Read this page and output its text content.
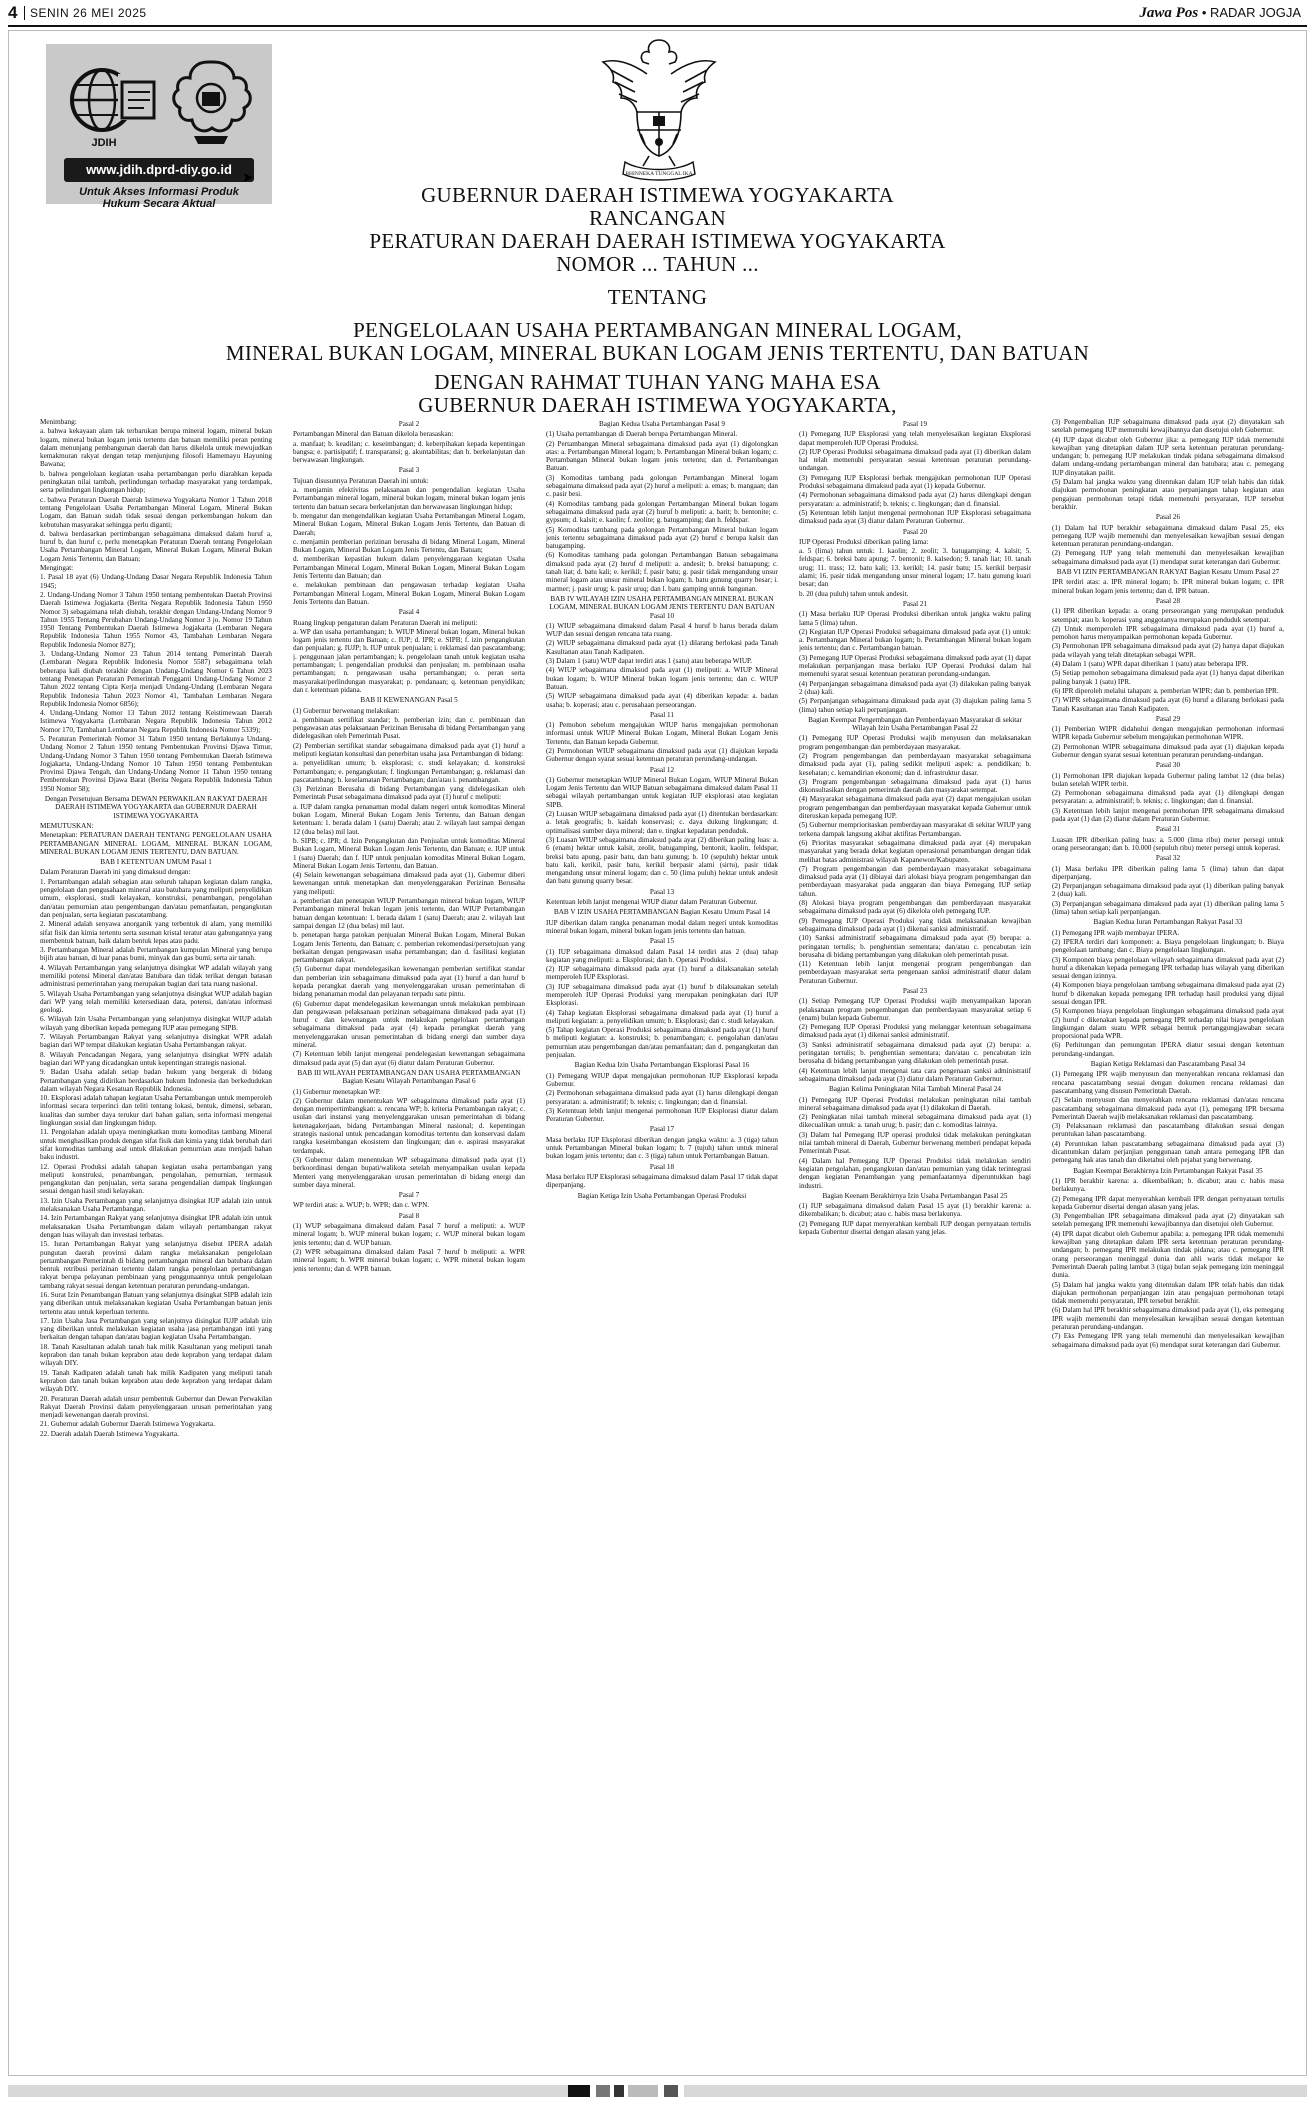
4 SENIN 26 MEI 2025	Jawa Pos • RADAR JOGJA
JDIH
www.jdih.dprd-diy.go.id
➤
Untuk Akses Informasi Produk Hukum Secara Aktual
BHINNEKA TUNGGAL IKA
GUBERNUR DAERAH ISTIMEWA YOGYAKARTA
RANCANGAN
PERATURAN DAERAH DAERAH ISTIMEWA YOGYAKARTA
NOMOR ... TAHUN ...
TENTANG
PENGELOLAAN USAHA PERTAMBANGAN MINERAL LOGAM,
MINERAL BUKAN LOGAM, MINERAL BUKAN LOGAM JENIS TERTENTU, DAN BATUAN
DENGAN RAHMAT TUHAN YANG MAHA ESA
GUBERNUR DAERAH ISTIMEWA YOGYAKARTA,

Menimbang:

a. bahwa kekayaan alam tak terbarukan berupa mineral logam, mineral bukan logam, mineral bukan logam jenis tertentu dan batuan memiliki peran penting dalam menunjang pembangunan daerah dan harus dikelola untuk mewujudkan kemakmuran rakyat dengan tetap menjunjung filosofi Hamemayu Hayuning Bawana;

b. bahwa pengelolaan kegiatan usaha pertambangan perlu diarahkan kepada peningkatan nilai tambah, perlindungan terhadap masyarakat yang terdampak, serta pelindungan lingkungan hidup;

c. bahwa Peraturan Daerah Daerah Istimewa Yogyakarta Nomor 1 Tahun 2018 tentang Pengelolaan Usaha Pertambangan Mineral Logam, Mineral Bukan Logam, dan Batuan sudah tidak sesuai dengan perkembangan hukum dan kebutuhan masyarakat sehingga perlu diganti;

d. bahwa berdasarkan pertimbangan sebagaimana dimaksud dalam huruf a, huruf b, dan huruf c, perlu menetapkan Peraturan Daerah tentang Pengelolaan Usaha Pertambangan Mineral Logam, Mineral Bukan Logam, Mineral Bukan Logam Jenis Tertentu, dan Batuan;

Mengingat:

1. Pasal 18 ayat (6) Undang-Undang Dasar Negara Republik Indonesia Tahun 1945;

2. Undang-Undang Nomor 3 Tahun 1950 tentang pembentukan Daerah Provinsi Daerah Istimewa Jogjakarta (Berita Negara Republik Indonesia Tahun 1950 Nomor 3) sebagaimana telah diubah, terakhir dengan Undang-Undang Nomor 9 Tahun 1955 Tentang Perubahan Undang-Undang Nomor 3 jo. Nomor 19 Tahun 1950 Tentang Pembentukan Daerah Istimewa Jogjakarta (Lembaran Negara Republik Indonesia Tahun 1955 Nomor 43, Tambahan Lembaran Negara Republik Indonesia Nomor 827);

3. Undang-Undang Nomor 23 Tahun 2014 tentang Pemerintah Daerah (Lembaran Negara Republik Indonesia Nomor 5587) sebagaimana telah beberapa kali diubah terakhir dengan Undang-Undang Nomor 6 Tahun 2023 tentang Penetapan Peraturan Pemerintah Pengganti Undang-Undang Nomor 2 Tahun 2022 tentang Cipta Kerja menjadi Undang-Undang (Lembaran Negara Republik Indonesia Tahun 2023 Nomor 41, Tambahan Lembaran Negara Republik Indonesia Nomor 6856);

4. Undang-Undang Nomor 13 Tahun 2012 tentang Keistimewaan Daerah Istimewa Yogyakarta (Lembaran Negara Republik Indonesia Tahun 2012 Nomor 170, Tambahan Lembaran Negara Republik Indonesia Nomor 5339);

5. Peraturan Pemerintah Nomor 31 Tahun 1950 tentang Berlakunya Undang-Undang Nomor 2 Tahun 1950 tentang Pembentukan Provinsi Djawa Timur, Undang-Undang Nomor 3 Tahun 1950 tentang Pembentukan Daerah Istimewa Jogjakarta, Undang-Undang Nomor 10 Tahun 1950 tentang Pembentukan Provinsi Djawa Tengah, dan Undang-Undang Nomor 11 Tahun 1950 tentang Pembentukan Provinsi Djawa Barat (Berita Negara Republik Indonesia Tahun 1950 Nomor 58);

Dengan Persetujuan Bersama DEWAN PERWAKILAN RAKYAT DAERAH DAERAH ISTIMEWA YOGYAKARTA dan GUBERNUR DAERAH ISTIMEWA YOGYAKARTA

MEMUTUSKAN:

Menetapkan: PERATURAN DAERAH TENTANG PENGELOLAAN USAHA PERTAMBANGAN MINERAL LOGAM, MINERAL BUKAN LOGAM, MINERAL BUKAN LOGAM JENIS TERTENTU, DAN BATUAN.

BAB I KETENTUAN UMUM Pasal 1

Dalam Peraturan Daerah ini yang dimaksud dengan:

1. Pertambangan adalah sebagian atau seluruh tahapan kegiatan dalam rangka, pengelolaan dan pengusahaan mineral atau batubara yang meliputi penyelidikan umum, eksplorasi, studi kelayakan, konstruksi, penambangan, pengolahan dan/atau pemurnian atau pengembangan dan/atau pemanfaatan, pengangkutan dan penjualan, serta kegiatan pascatambang.

2. Mineral adalah senyawa anorganik yang terbentuk di alam, yang memiliki sifat fisik dan kimia tertentu serta susunan kristal teratur atau gabungannya yang membentuk batuan, baik dalam bentuk lepas atau padu.

3. Pertambangan Mineral adalah Pertambangan kumpulan Mineral yang berupa bijih atau batuan, di luar panas bumi, minyak dan gas bumi, serta air tanah.

4. Wilayah Pertambangan yang selanjutnya disingkat WP adalah wilayah yang memiliki potensi Mineral dan/atau Batubara dan tidak terikat dengan batasan administrasi pemerintahan yang merupakan bagian dari tata ruang nasional.

5. Wilayah Usaha Pertambangan yang selanjutnya disingkat WUP adalah bagian dari WP yang telah memiliki ketersediaan data, potensi, dan/atau informasi geologi.

6. Wilayah Izin Usaha Pertambangan yang selanjutnya disingkat WIUP adalah wilayah yang diberikan kepada pemegang IUP atau pemegang SIPB.

7. Wilayah Pertambangan Rakyat yang selanjutnya disingkat WPR adalah bagian dari WP tempat dilakukan kegiatan Usaha Pertambangan rakyat.

8. Wilayah Pencadangan Negara, yang selanjutnya disingkat WPN adalah bagian dari WP yang dicadangkan untuk kepentingan strategis nasional.

9. Badan Usaha adalah setiap badan hukum yang bergerak di bidang Pertambangan yang didirikan berdasarkan hukum Indonesia dan berkedudukan dalam wilayah Negara Kesatuan Republik Indonesia.

10. Eksplorasi adalah tahapan kegiatan Usaha Pertambangan untuk memperoleh informasi secara terperinci dan teliti tentang lokasi, bentuk, dimensi, sebaran, kualitas dan sumber daya terukur dari bahan galian, serta informasi mengenai lingkungan sosial dan lingkungan hidup.

11. Pengolahan adalah upaya meningkatkan mutu komoditas tambang Mineral untuk menghasilkan produk dengan sifat fisik dan kimia yang tidak berubah dari sifat komoditas tambang asal untuk dilakukan pemurnian atau menjadi bahan baku industri.

12. Operasi Produksi adalah tahapan kegiatan usaha pertambangan yang meliputi konstruksi, penambangan, pengolahan, pemurnian, termasuk pengangkutan dan penjualan, serta sarana pengendalian dampak lingkungan sesuai dengan hasil studi kelayakan.

13. Izin Usaha Pertambangan yang selanjutnya disingkat IUP adalah izin untuk melaksanakan Usaha Pertambangan.

14. Izin Pertambangan Rakyat yang selanjutnya disingkat IPR adalah izin untuk melaksanakan Usaha Pertambangan dalam wilayah pertambangan rakyat dengan luas wilayah dan investasi terbatas.

15. Iuran Pertambangan Rakyat yang selanjutnya disebut IPERA adalah pungutan daerah provinsi dalam rangka melaksanakan pengelolaan pertambangan Pemerintah di bidang pertambangan mineral dan batubara dalam bentuk retribusi perizinan tertentu dalam rangka pengelolaan pertambangan rakyat berupa pelayanan pembinaan yang penggunaannya untuk pengelolaan tambang rakyat sesuai dengan ketentuan peraturan perundang-undangan.

16. Surat Izin Penambangan Batuan yang selanjutnya disingkat SIPB adalah izin yang diberikan untuk melaksanakan kegiatan Usaha Pertambangan batuan jenis tertentu atau untuk keperluan tertentu.

17. Izin Usaha Jasa Pertambangan yang selanjutnya disingkat IUJP adalah izin yang diberikan untuk melakukan kegiatan usaha jasa pertambangan inti yang berkaitan dengan tahapan dan/atau bagian kegiatan Usaha Pertambangan.

18. Tanah Kasultanan adalah tanah hak milik Kasultanan yang meliputi tanah keprabon dan tanah bukan keprabon atau dede keprabon yang terdapat dalam wilayah DIY.

19. Tanah Kadipaten adalah tanah hak milik Kadipaten yang meliputi tanah keprabon dan tanah bukan keprabon atau dede keprabon yang terdapat dalam wilayah DIY.

20. Peraturan Daerah adalah unsur pembentuk Gubernur dan Dewan Perwakilan Rakyat Daerah Provinsi dalam penyelenggaraan urusan pemerintahan yang menjadi kewenangan daerah provinsi.

21. Gubernur adalah Gubernur Daerah Istimewa Yogyakarta.

22. Daerah adalah Daerah Istimewa Yogyakarta.

Pasal 2

Pertambangan Mineral dan Batuan dikelola berasaskan:

a. manfaat; b. keadilan; c. keseimbangan; d. keberpihakan kepada kepentingan bangsa; e. partisipatif; f. transparansi; g. akuntabilitas; dan h. berkelanjutan dan berwawasan lingkungan.

Pasal 3

Tujuan disusunnya Peraturan Daerah ini untuk:

a. menjamin efektivitas pelaksanaan dan pengendalian kegiatan Usaha Pertambangan mineral logam, mineral bukan logam, mineral bukan logam jenis tertentu dan batuan secara berkelanjutan dan berwawasan lingkungan hidup;

b. mengatur dan mengendalikan kegiatan Usaha Pertambangan Mineral Logam, Mineral Bukan Logam, Mineral Bukan Logam Jenis Tertentu, dan Batuan di Daerah;

c. menjamin pemberian perizinan berusaha di bidang Mineral Logam, Mineral Bukan Logam, Mineral Bukan Logam Jenis Tertentu, dan Batuan;

d. memberikan kepastian hukum dalam penyelenggaraan kegiatan Usaha Pertambangan Mineral Logam, Mineral Bukan Logam, Mineral Bukan Logam Jenis Tertentu dan Batuan; dan

e. melakukan pembinaan dan pengawasan terhadap kegiatan Usaha Pertambangan Mineral Logam, Mineral Bukan Logam, Mineral Bukan Logam Jenis Tertentu dan Batuan.

Pasal 4

Ruang lingkup pengaturan dalam Peraturan Daerah ini meliputi:

a. WP dan usaha pertambangan; b. WIUP Mineral bukan logam, Mineral bukan logam jenis tertentu dan Batuan; c. IUP; d. IPR; e. SIPB; f. izin pengangkutan dan penjualan; g. IUJP; h. IUP untuk penjualan; i. reklamasi dan pascatambang; j. penggunaan jalan pertambangan; k. pengelolaan tanah untuk kegiatan usaha pertambangan; l. pengendalian produksi dan penjualan; m. pembinaan usaha pertambangan; n. pengawasan usaha pertambangan; o. peran serta masyarakat/perlindungan masyarakat; p. pendanaan; q. ketentuan penyidikan; dan r. ketentuan pidana.

BAB II KEWENANGAN Pasal 5

(1) Gubernur berwenang melakukan:

a. pembinaan sertifikat standar; b. pemberian izin; dan c. pembinaan dan pengawasan atas pelaksanaan Perizinan Berusaha di bidang Pertambangan yang didelegasikan oleh Pemerintah Pusat.

(2) Pemberian sertifikat standar sebagaimana dimaksud pada ayat (1) huruf a meliputi kegiatan konsultasi dan penerbitan usaha jasa Pertambangan di bidang:

a. penyelidikan umum; b. eksplorasi; c. studi kelayakan; d. konstruksi Pertambangan; e. pengangkutan; f. lingkungan Pertambangan; g. reklamasi dan pascatambang; h. keselamatan Pertambangan; dan/atau i. penambangan.

(3) Perizinan Berusaha di bidang Pertambangan yang didelegasikan oleh Pemerintah Pusat sebagaimana dimaksud pada ayat (1) huruf c meliputi:

a. IUP dalam rangka penanaman modal dalam negeri untuk komoditas Mineral bukan Logam, Mineral Bukan Logam Jenis Tertentu, dan Batuan dengan ketentuan: 1. berada dalam 1 (satu) Daerah; atau 2. wilayah laut sampai dengan 12 (dua belas) mil laut.

b. SIPB; c. IPR; d. Izin Pengangkutan dan Penjualan untuk komoditas Mineral Bukan Logam, Mineral Bukan Logam Jenis Tertentu, dan Batuan; e. IUP untuk 1 (satu) Daerah; dan f. IUP untuk penjualan komoditas Mineral Bukan Logam, Mineral Bukan Logam Jenis Tertentu, dan Batuan.

(4) Selain kewenangan sebagaimana dimaksud pada ayat (1), Gubernur diberi kewenangan untuk menetapkan dan menyelenggarakan Perizinan Berusaha yang meliputi:

a. pemberian dan penetapan WIUP Pertambangan mineral bukan logam, WIUP Pertambangan mineral bukan logam jenis tertentu, dan WIUP Pertambangan batuan dengan ketentuan: 1. berada dalam 1 (satu) Daerah; atau 2. wilayah laut sampai dengan 12 (dua belas) mil laut.

b. penetapan harga patokan penjualan Mineral Bukan Logam, Mineral Bukan Logam Jenis Tertentu, dan Batuan; c. pemberian rekomendasi/persetujuan yang berkaitan dengan pengawasan usaha pertambangan; dan d. fasilitasi kegiatan pertambangan rakyat.

(5) Gubernur dapat mendelegasikan kewenangan pemberian sertifikat standar dan pemberian izin sebagaimana dimaksud pada ayat (1) huruf a dan huruf b kepada perangkat daerah yang menyelenggarakan urusan pemerintahan di bidang penanaman modal dan pelayanan terpadu satu pintu.

(6) Gubernur dapat mendelegasikan kewenangan untuk melakukan pembinaan dan pengawasan pelaksanaan perizinan sebagaimana dimaksud pada ayat (1) huruf c dan kewenangan untuk melakukan pengelolaan pertambangan sebagaimana dimaksud pada ayat (4) kepada perangkat daerah yang menyelenggarakan urusan pemerintahan di bidang energi dan sumber daya mineral.

(7) Ketentuan lebih lanjut mengenai pendelegasian kewenangan sebagaimana dimaksud pada ayat (5) dan ayat (6) diatur dalam Peraturan Gubernur.

BAB III WILAYAH PERTAMBANGAN DAN USAHA PERTAMBANGAN Bagian Kesatu Wilayah Pertambangan Pasal 6

(1) Gubernur menetapkan WP.

(2) Gubernur dalam menentukan WP sebagaimana dimaksud pada ayat (1) dengan mempertimbangkan: a. rencana WP; b. kriteria Pertambangan rakyat; c. usulan dari instansi yang menyelenggarakan urusan pemerintahan di bidang ketenagakerjaan, bidang Pertambangan Mineral nasional; d. kepentingan strategis nasional untuk pencadangan komoditas tertentu dan konservasi dalam rangka keseimbangan ekosistem dan lingkungan; dan e. aspirasi masyarakat terdampak.

(3) Gubernur dalam menentukan WP sebagaimana dimaksud pada ayat (1) berkoordinasi dengan bupati/walikota setelah menyampaikan usulan kepada Menteri yang menyelenggarakan urusan pemerintahan di bidang energi dan sumber daya mineral.

Pasal 7

WP terdiri atas: a. WUP; b. WPR; dan c. WPN.

Pasal 8

(1) WUP sebagaimana dimaksud dalam Pasal 7 huruf a meliputi: a. WUP mineral logam; b. WUP mineral bukan logam; c. WUP mineral bukan logam jenis tertentu; dan d. WUP batuan.

(2) WPR sebagaimana dimaksud dalam Pasal 7 huruf b meliputi: a. WPR mineral logam; b. WPR mineral bukan logam; c. WPR mineral bukan logam jenis tertentu; dan d. WPR batuan.

Bagian Kedua Usaha Pertambangan Pasal 9

(1) Usaha pertambangan di Daerah berupa Pertambangan Mineral.

(2) Pertambangan Mineral sebagaimana dimaksud pada ayat (1) digolongkan atas: a. Pertambangan Mineral logam; b. Pertambangan Mineral bukan logam; c. Pertambangan Mineral bukan logam jenis tertentu; dan d. Pertambangan Batuan.

(3) Komoditas tambang pada golongan Pertambangan Mineral logam sebagaimana dimaksud pada ayat (2) huruf a meliputi: a. emas; b. mangaan; dan c. pasir besi.

(4) Komoditas tambang pada golongan Pertambangan Mineral bukan logam sebagaimana dimaksud pada ayat (2) huruf b meliputi: a. barit; b. bentonite; c. gypsum; d. kalsit; e. kaolin; f. zeolite; g. batugamping; dan h. feldspar.

(5) Komoditas tambang pada golongan Pertambangan Mineral bukan logam jenis tertentu sebagaimana dimaksud pada ayat (2) huruf c berupa kalsit dan batugamping.

(6) Komoditas tambang pada golongan Pertambangan Batuan sebagaimana dimaksud pada ayat (2) huruf d meliputi: a. andesit; b. breksi batuapung; c. tanah liat; d. batu kali; e. kerikil; f. pasir batu; g. pasir tidak mengandung unsur mineral logam atau unsur mineral bukan logam; h. batu gunung quarry besar; i. marmer; j. pasir urug; k. pasir uruq; dan l. batu gamping untuk bangunan.

BAB IV WILAYAH IZIN USAHA PERTAMBANGAN MINERAL BUKAN LOGAM, MINERAL BUKAN LOGAM JENIS TERTENTU DAN BATUAN Pasal 10

(1) WIUP sebagaimana dimaksud dalam Pasal 4 huruf b harus berada dalam WUP dan sesuai dengan rencana tata ruang.

(2) WIUP sebagaimana dimaksud pada ayat (1) dilarang berlokasi pada Tanah Kasultanan atau Tanah Kadipaten.

(3) Dalam 1 (satu) WUP dapat terdiri atas 1 (satu) atau beberapa WIUP.

(4) WIUP sebagaimana dimaksud pada ayat (1) meliputi: a. WIUP Mineral bukan logam; b. WIUP Mineral bukan logam jenis tertentu; dan c. WIUP Batuan.

(5) WIUP sebagaimana dimaksud pada ayat (4) diberikan kepada: a. badan usaha; b. koperasi; atau c. perusahaan perseorangan.

Pasal 11

(1) Pemohon sebelum mengajukan WIUP harus mengajukan permohonan informasi untuk WIUP Mineral Bukan Logam, Mineral Bukan Logam Jenis Tertentu, dan Batuan kepada Gubernur.

(2) Permohonan WIUP sebagaimana dimaksud pada ayat (1) diajukan kepada Gubernur dengan syarat sesuai ketentuan peraturan perundang-undangan.

Pasal 12

(1) Gubernur menetapkan WIUP Mineral Bukan Logam, WIUP Mineral Bukan Logam Jenis Tertentu dan WIUP Batuan sebagaimana dimaksud dalam Pasal 11 sebagai wilayah pertambangan untuk kegiatan IUP eksplorasi atau kegiatan SIPB.

(2) Luasan WIUP sebagaimana dimaksud pada ayat (1) ditentukan berdasarkan: a. letak geografis; b. kaidah konservasi; c. daya dukung lingkungan; d. optimalisasi sumber daya mineral; dan e. tingkat kepadatan penduduk.

(3) Luasan WIUP sebagaimana dimaksud pada ayat (2) diberikan paling luas: a. 6 (enam) hektar untuk kalsit, zeolit, batugamping, bentonit, kaolin, feldspar, breksi batu apung, pasir batu, dan batu gunung; b. 10 (sepuluh) hektar untuk batu kali, kerikil, pasir batu, kerikil berpasir alami (sirtu), pasir tidak mengandung unsur mineral logam; dan c. 50 (lima puluh) hektar untuk andesit dan batu gunung quarry besar.

Pasal 13

Ketentuan lebih lanjut mengenai WIUP diatur dalam Peraturan Gubernur.

BAB V IZIN USAHA PERTAMBANGAN Bagian Kesatu Umum Pasal 14

IUP diberikan dalam rangka penanaman modal dalam negeri untuk komoditas mineral bukan logam, mineral bukan logam jenis tertentu dan batuan.

Pasal 15

(1) IUP sebagaimana dimaksud dalam Pasal 14 terdiri atas 2 (dua) tahap kegiatan yang meliputi: a. Eksplorasi; dan b. Operasi Produksi.

(2) IUP sebagaimana dimaksud pada ayat (1) huruf a dilaksanakan setelah memperoleh IUP Eksplorasi.

(3) IUP sebagaimana dimaksud pada ayat (1) huruf b dilaksanakan setelah memperoleh IUP Operasi Produksi yang merupakan peningkatan dari IUP Eksplorasi.

(4) Tahap kegiatan Eksplorasi sebagaimana dimaksud pada ayat (1) huruf a meliputi kegiatan: a. penyelidikan umum; b. Eksplorasi; dan c. studi kelayakan.

(5) Tahap kegiatan Operasi Produksi sebagaimana dimaksud pada ayat (1) huruf b meliputi kegiatan: a. konstruksi; b. penambangan; c. pengolahan dan/atau pemurnian atau pengembangan dan/atau pemanfaatan; dan d. pengangkutan dan penjualan.

Bagian Kedua Izin Usaha Pertambangan Eksplorasi Pasal 16

(1) Pemegang WIUP dapat mengajukan permohonan IUP Eksplorasi kepada Gubernur.

(2) Permohonan sebagaimana dimaksud pada ayat (1) harus dilengkapi dengan persyaratan: a. administratif; b. teknis; c. lingkungan; dan d. finansial.

(3) Ketentuan lebih lanjut mengenai permohonan IUP Eksplorasi diatur dalam Peraturan Gubernur.

Pasal 17

Masa berlaku IUP Eksplorasi diberikan dengan jangka waktu: a. 3 (tiga) tahun untuk Pertambangan Mineral bukan logam; b. 7 (tujuh) tahun untuk mineral bukan logam jenis tertentu; dan c. 3 (tiga) tahun untuk Pertambangan Batuan.

Pasal 18

Masa berlaku IUP Eksplorasi sebagaimana dimaksud dalam Pasal 17 tidak dapat diperpanjang.

Bagian Ketiga Izin Usaha Pertambangan Operasi Produksi
Pasal 19

(1) Pemegang IUP Eksplorasi yang telah menyelesaikan kegiatan Eksplorasi dapat memperoleh IUP Operasi Produksi.

(2) IUP Operasi Produksi sebagaimana dimaksud pada ayat (1) diberikan dalam hal telah memenuhi persyaratan sesuai ketentuan peraturan perundang-undangan.

(3) Pemegang IUP Eksplorasi berhak mengajukan permohonan IUP Operasi Produksi sebagaimana dimaksud pada ayat (1) kepada Gubernur.

(4) Permohonan sebagaimana dimaksud pada ayat (2) harus dilengkapi dengan persyaratan: a. administratif; b. teknis; c. lingkungan; dan d. finansial.

(5) Ketentuan lebih lanjut mengenai permohonan IUP Eksplorasi sebagaimana dimaksud pada ayat (3) diatur dalam Peraturan Gubernur.

Pasal 20

IUP Operasi Produksi diberikan paling lama:

a. 5 (lima) tahun untuk: 1. kaolin; 2. zeolit; 3. batugamping; 4. kalsit; 5. feldspar; 6. breksi batu apung; 7. bentonit; 8. kalsedon; 9. tanah liat; 10. tanah urug; 11. trass; 12. batu kali; 13. kerikil; 14. pasir batu; 15. kerikil berpasir alami; 16. pasir tidak mengandung unsur mineral logam; 17. batu gunung kuari besar; dan

b. 20 (dua puluh) tahun untuk andesit.

Pasal 21

(1) Masa berlaku IUP Operasi Produksi diberikan untuk jangka waktu paling lama 5 (lima) tahun.

(2) Kegiatan IUP Operasi Produksi sebagaimana dimaksud pada ayat (1) untuk: a. Pertambangan Mineral bukan logam; b. Pertambangan Mineral bukan logam jenis tertentu; dan c. Pertambangan batuan.

(3) Pemegang IUP Operasi Produksi sebagaimana dimaksud pada ayat (1) dapat melakukan perpanjangan masa berlaku IUP Operasi Produksi dalam hal memenuhi syarat sesuai ketentuan peraturan perundang-undangan.

(4) Perpanjangan sebagaimana dimaksud pada ayat (3) dilakukan paling banyak 2 (dua) kali.

(5) Perpanjangan sebagaimana dimaksud pada ayat (3) diajukan paling lama 5 (lima) tahun setiap kali perpanjangan.

Bagian Keempat Pengembangan dan Pemberdayaan Masyarakat di sekitar Wilayah Izin Usaha Pertambangan Pasal 22

(1) Pemegang IUP Operasi Produksi wajib menyusun dan melaksanakan program pengembangan dan pemberdayaan masyarakat.

(2) Program pengembangan dan pemberdayaan masyarakat sebagaimana dimaksud pada ayat (1), paling sedikit meliputi aspek: a. pendidikan; b. kesehatan; c. kemandirian ekonomi; dan d. infrastruktur dasar.

(3) Program pengembangan sebagaimana dimaksud pada ayat (1) harus dikonsultasikan dengan pemerintah daerah dan masyarakat setempat.

(4) Masyarakat sebagaimana dimaksud pada ayat (2) dapat mengajukan usulan program pengembangan dan pemberdayaan masyarakat kepada Gubernur untuk diteruskan kepada pemegang IUP.

(5) Gubernur memprioritaskan pemberdayaan masyarakat di sekitar WIUP yang terkena dampak langsung akibat aktifitas Pertambangan.

(6) Prioritas masyarakat sebagaimana dimaksud pada ayat (4) merupakan masyarakat yang berada dekat kegiatan operasional penambangan dengan tidak melihat batas administrasi wilayah Kapanewon/Kabupaten.

(7) Program pengembangan dan pemberdayaan masyarakat sebagaimana dimaksud pada ayat (1) dibiayai dari alokasi biaya program pengembangan dan pemberdayaan masyarakat pada anggaran dan biaya Pemegang IUP setiap tahun.

(8) Alokasi biaya program pengembangan dan pemberdayaan masyarakat sebagaimana dimaksud pada ayat (6) dikelola oleh pemegang IUP.

(9) Pemegang IUP Operasi Produksi yang tidak melaksanakan kewajiban sebagaimana dimaksud pada ayat (1) dikenai sanksi administratif.

(10) Sanksi administratif sebagaimana dimaksud pada ayat (9) berupa: a. peringatan tertulis; b. penghentian sementara; dan/atau c. pencabutan izin berusaha di bidang pertambangan yang dilakukan oleh pemerintah pusat.

(11) Ketentuan lebih lanjut mengenai program pengembangan dan pemberdayaan masyarakat serta pengenaan sanksi administratif diatur dalam Peraturan Gubernur.

Pasal 23

(1) Setiap Pemegang IUP Operasi Produksi wajib menyampaikan laporan pelaksanaan program pengembangan dan pemberdayaan masyarakat setiap 6 (enam) bulan kepada Gubernur.

(2) Pemegang IUP Operasi Produksi yang melanggar ketentuan sebagaimana dimaksud pada ayat (1) dikenai sanksi administratif.

(3) Sanksi administratif sebagaimana dimaksud pada ayat (2) berupa: a. peringatan tertulis; b. penghentian sementara; dan/atau c. pencabutan izin berusaha di bidang pertambangan yang dilakukan oleh pemerintah pusat.

(4) Ketentuan lebih lanjut mengenai tata cara pengenaan sanksi administratif sebagaimana dimaksud pada ayat (3) diatur dalam Peraturan Gubernur.

Bagian Kelima Peningkatan Nilai Tambah Mineral Pasal 24

(1) Pemegang IUP Operasi Produksi melakukan peningkatan nilai tambah mineral sebagaimana dimaksud pada ayat (1) dilakukan di Daerah.

(2) Peningkatan nilai tambah mineral sebagaimana dimaksud pada ayat (1) dikecualikan untuk: a. tanah urug; b. pasir; dan c. komoditas lainnya.

(3) Dalam hal Pemegang IUP operasi produksi tidak melakukan peningkatan nilai tambah mineral di Daerah, Gubernur berwenang memberi pendapat kepada Pemerintah Pusat.

(4) Dalam hal Pemegang IUP Operasi Produksi tidak melakukan sendiri kegiatan pengolahan, pengangkutan dan/atau pemurnian yang tidak terintegrasi dengan kegiatan Penambangan yang pemanfaatannya diperuntukkan bagi industri.

Bagian Keenam Berakhirnya Izin Usaha Pertambangan Pasal 25

(1) IUP sebagaimana dimaksud dalam Pasal 15 ayat (1) berakhir karena: a. dikembalikan; b. dicabut; atau c. habis masa berlakunya.

(2) Pemegang IUP dapat menyerahkan kembali IUP dengan pernyataan tertulis kepada Gubernur disertai dengan alasan yang jelas.

(3) Pengembalian IUP sebagaimana dimaksud pada ayat (2) dinyatakan sah setelah pemegang IUP memenuhi kewajibannya dan disetujui oleh Gubernur.

(4) IUP dapat dicabut oleh Gubernur jika: a. pemegang IUP tidak memenuhi kewajiban yang ditetapkan dalam IUP serta ketentuan peraturan perundang-undangan; b. pemegang IUP melakukan tindak pidana sebagaimana dimaksud dalam undang-undang pertambangan mineral dan batubara; atau c. pemegang IUP dinyatakan pailit.

(5) Dalam hal jangka waktu yang ditentukan dalam IUP telah habis dan tidak diajukan permohonan peningkatan atau perpanjangan tahap kegiatan atau pengajuan permohonan tetapi tidak memenuhi persyaratan, IUP tersebut berakhir.

Pasal 26

(1) Dalam hal IUP berakhir sebagaimana dimaksud dalam Pasal 25, eks pemegang IUP wajib memenuhi dan menyelesaikan kewajiban sesuai dengan ketentuan peraturan perundang-undangan.

(2) Pemegang IUP yang telah memenuhi dan menyelesaikan kewajiban sebagaimana dimaksud pada ayat (1) mendapat surat keterangan dari Gubernur.

BAB VI IZIN PERTAMBANGAN RAKYAT Bagian Kesatu Umum Pasal 27

IPR terdiri atas: a. IPR mineral logam; b. IPR mineral bukan logam; c. IPR mineral bukan logam jenis tertentu; dan d. IPR batuan.

Pasal 28

(1) IPR diberikan kepada: a. orang perseorangan yang merupakan penduduk setempat; atau b. koperasi yang anggotanya merupakan penduduk setempat.

(2) Untuk memperoleh IPR sebagaimana dimaksud pada ayat (1) huruf a, pemohon harus menyampaikan permohonan kepada Gubernur.

(3) Permohonan IPR sebagaimana dimaksud pada ayat (2) hanya dapat diajukan pada wilayah yang telah ditetapkan sebagai WPR.

(4) Dalam 1 (satu) WPR dapat diberikan 1 (satu) atau beberapa IPR.

(5) Setiap pemohon sebagaimana dimaksud pada ayat (1) hanya dapat diberikan paling banyak 1 (satu) IPR.

(6) IPR diperoleh melalui tahapan: a. pemberian WIPR; dan b. pemberian IPR.

(7) WIPR sebagaimana dimaksud pada ayat (6) huruf a dilarang berlokasi pada Tanah Kasultanan atau Tanah Kadipaten.

Pasal 29

(1) Pemberian WIPR didahului dengan mengajukan permohonan informasi WIPR kepada Gubernur sebelum mengajukan permohonan WIPR.

(2) Permohonan WIPR sebagaimana dimaksud pada ayat (1) diajukan kepada Gubernur dengan syarat sesuai ketentuan peraturan perundang-undangan.

Pasal 30

(1) Permohonan IPR diajukan kepada Gubernur paling lambat 12 (dua belas) bulan setelah WIPR terbit.

(2) Permohonan sebagaimana dimaksud pada ayat (1) dilengkapi dengan persyaratan: a. administratif; b. teknis; c. lingkungan; dan d. finansial.

(3) Ketentuan lebih lanjut mengenai permohonan IPR sebagaimana dimaksud pada ayat (1) dan (2) diatur dalam Peraturan Gubernur.

Pasal 31

Luasan IPR diberikan paling luas: a. 5.000 (lima ribu) meter persegi untuk orang perseorangan; dan b. 10.000 (sepuluh ribu) meter persegi untuk koperasi.

Pasal 32

(1) Masa berlaku IPR diberikan paling lama 5 (lima) tahun dan dapat diperpanjang.

(2) Perpanjangan sebagaimana dimaksud pada ayat (1) diberikan paling banyak 2 (dua) kali.

(3) Perpanjangan sebagaimana dimaksud pada ayat (1) diberikan paling lama 5 (lima) tahun setiap kali perpanjangan.

Bagian Kedua Iuran Pertambangan Rakyat Pasal 33

(1) Pemegang IPR wajib membayar IPERA.

(2) IPERA terdiri dari komponen: a. Biaya pengelolaan lingkungan; b. Biaya pengelolaan tambang; dan c. Biaya pengelolaan lingkungan.

(3) Komponen biaya pengelolaan wilayah sebagaimana dimaksud pada ayat (2) huruf a dikenakan kepada pemegang IPR terhadap luas wilayah yang diberikan sesuai dengan izinnya.

(4) Komponen biaya pengelolaan tambang sebagaimana dimaksud pada ayat (2) huruf b dikenakan kepada pemegang IPR terhadap hasil produksi yang dijual sesuai dengan IPR.

(5) Komponen biaya pengelolaan lingkungan sebagaimana dimaksud pada ayat (2) huruf c dikenakan kepada pemegang IPR terhadap nilai biaya pengelolaan lingkungan dalam suatu WPR sebagai bentuk pertanggungjawaban secara proporsional pada WPR.

(6) Perhitungan dan pemungutan IPERA diatur sesuai dengan ketentuan perundang-undangan.

Bagian Ketiga Reklamasi dan Pascatambang Pasal 34

(1) Pemegang IPR wajib menyusun dan menyerahkan rencana reklamasi dan rencana pascatambang sesuai dengan dokumen rencana reklamasi dan pascatambang yang disusun Pemerintah Daerah.

(2) Selain menyusun dan menyerahkan rencana reklamasi dan/atau rencana pascatambang sebagaimana dimaksud pada ayat (1), pemegang IPR bersama Pemerintah Daerah wajib melaksanakan reklamasi dan pascatambang.

(3) Pelaksanaan reklamasi dan pascatambang dilakukan sesuai dengan peruntukan lahan pascatambang.

(4) Peruntukan lahan pascatambang sebagaimana dimaksud pada ayat (3) dicantumkan dalam perjanjian penggunaan tanah antara pemegang IPR dan pemegang hak atas tanah dan diketahui oleh pejabat yang berwenang.

Bagian Keempat Berakhirnya Izin Pertambangan Rakyat Pasal 35

(1) IPR berakhir karena: a. dikembalikan; b. dicabut; atau c. habis masa berlakunya.

(2) Pemegang IPR dapat menyerahkan kembali IPR dengan pernyataan tertulis kepada Gubernur disertai dengan alasan yang jelas.

(3) Pengembalian IPR sebagaimana dimaksud pada ayat (2) dinyatakan sah setelah pemegang IPR memenuhi kewajibannya dan disetujui oleh Gubernur.

(4) IPR dapat dicabut oleh Gubernur apabila: a. pemegang IPR tidak memenuhi kewajiban yang ditetapkan dalam IPR serta ketentuan peraturan perundang-undangan; b. pemegang IPR melakukan tindak pidana; atau c. pemegang IPR orang perseorangan meninggal dunia dan ahli waris tidak melapor ke Pemerintah Daerah paling lambat 3 (tiga) bulan sejak pemegang izin meninggal dunia.

(5) Dalam hal jangka waktu yang ditentukan dalam IPR telah habis dan tidak diajukan permohonan perpanjangan izin atau pengajuan permohonan tetapi tidak memenuhi persyaratan, IPR tersebut berakhir.

(6) Dalam hal IPR berakhir sebagaimana dimaksud pada ayat (1), eks pemegang IPR wajib memenuhi dan menyelesaikan kewajiban sesuai dengan ketentuan peraturan perundang-undangan.

(7) Eks Pemegang IPR yang telah memenuhi dan menyelesaikan kewajiban sebagaimana dimaksud pada ayat (6) mendapat surat keterangan dari Gubernur.
